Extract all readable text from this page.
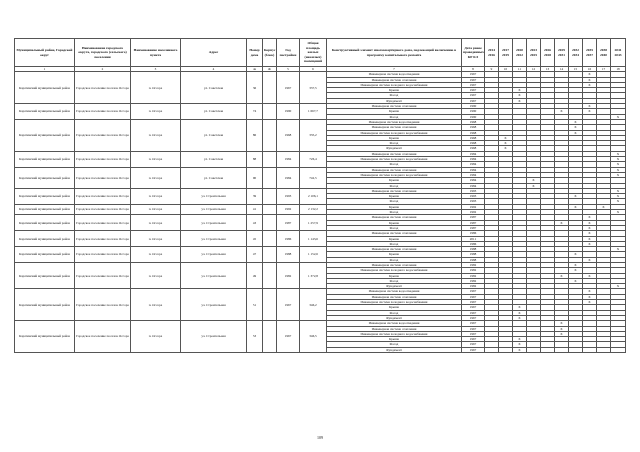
Муниципальный район, Городской округ	Наименование городского округа, городского (сельского) поселения	Наименование населенного пункта	Адрес	Номер дома	Корпус (блок)	Год постройки	Общая площадь жилых (нежилых) помещений	Конструктивный элемент многоквартирного дома, подлежащий включению в программу капитального ремонта	Дата ранее проведенных КР КЭ	2014 2016	2017 2019	2020 2022	2023 2025	2026 2028	2029 2031	2032 2034	2035 2037	2038 2040	2041 2043
1	2	3	4	4a	4b	5	6	7	8	9	10	11	12	13	14	15	16	17	18
Каратинский муниципальный район	Городское поселение поселок Оссора	п. Оссора	ул. Советская	36		1967	337,5	Инженерная система водоотведения	1967								X		
								Инженерная система отопления	1967								X		
								Инженерная система холодного водоснабжения	1967								X		
								Крыша	1967			X							
								Фасад	1967			X							
								Фундамент	1967			X							
Каратинский муниципальный район	Городское поселение поселок Оссора	п. Оссора	ул. Советская	74		1990	1 667,7	Инженерная система отопления	1990								X		
								Крыша	1990						X		X		
								Фасад	1990										X
Каратинский муниципальный район	Городское поселение поселок Оссора	п. Оссора	ул. Советская	86		1968	335,2	Инженерная система водоотведения	1968							X			
								Инженерная система отопления	1968							X			
								Инженерная система холодного водоснабжения	1968							X			
								Крыша	1968		X								
								Фасад	1968		X								
								Фундамент	1968		X								
Каратинский муниципальный район	Городское поселение поселок Оссора	п. Оссора	ул. Советская	88		1984	726,4	Инженерная система отопления	1984										X
								Инженерная система холодного водоснабжения	1984										X
								Фасад	1984										X
Каратинский муниципальный район	Городское поселение поселок Оссора	п. Оссора	ул. Советская	90		1984	742,5	Инженерная система отопления	1984										X
								Инженерная система холодного водоснабжения	1984										X
								Крыша	1984				X						
								Фасад	1984				X						
Каратинский муниципальный район	Городское поселение поселок Оссора	п. Оссора	ул. Строительная	39		1993	2 106,1	Инженерная система отопления	1993										X
								Крыша	1993							X			X
								Фасад	1993										X
Каратинский муниципальный район	Городское поселение поселок Оссора	п. Оссора	ул. Строительная	41		1992	2 132,2	Крыша	1992							X		X	
								Фасад	1992										X
Каратинский муниципальный район	Городское поселение поселок Оссора	п. Оссора	ул. Строительная	43		1987	1 257,9	Инженерная система отопления	1987								X		
								Крыша	1987						X		X		
								Фасад	1987								X		
Каратинский муниципальный район	Городское поселение поселок Оссора	п. Оссора	ул. Строительная	45		1986	1 143,6	Инженерная система отопления	1986								X		
								Крыша	2011								X		
								Фасад	1986								X		
Каратинский муниципальный район	Городское поселение поселок Оссора	п. Оссора	ул. Строительная	47		1988	1 152,6	Инженерная система отопления	1988										X
								Крыша	1988							X			
								Фасад	1988								X		
Каратинский муниципальный район	Городское поселение поселок Оссора	п. Оссора	ул. Строительная	49		1982	1 372,8	Инженерная система отопления	1982							X			
								Инженерная система холодного водоснабжения	1982							X			
								Крыша	1982						X		X		
								Фасад	1982							X			
								Фундамент	1982										X
Каратинский муниципальный район	Городское поселение поселок Оссора	п. Оссора	ул. Строительная	51		1967	346,2	Инженерная система водоотведения	1967								X		
								Инженерная система отопления	1967								X		
								Инженерная система холодного водоснабжения	1967								X		
								Крыша	1967			X							
								Фасад	1967			X							
								Фундамент	1967			X							
Каратинский муниципальный район	Городское поселение поселок Оссора	п. Оссора	ул. Строительная	53		1967	346,5	Инженерная система водоотведения	1967						X				
								Инженерная система отопления	1967						X				
								Инженерная система холодного водоснабжения	1967						X				
								Крыша	1967			X							
								Фасад	1967			X							
								Фундамент	1967			X							
109
